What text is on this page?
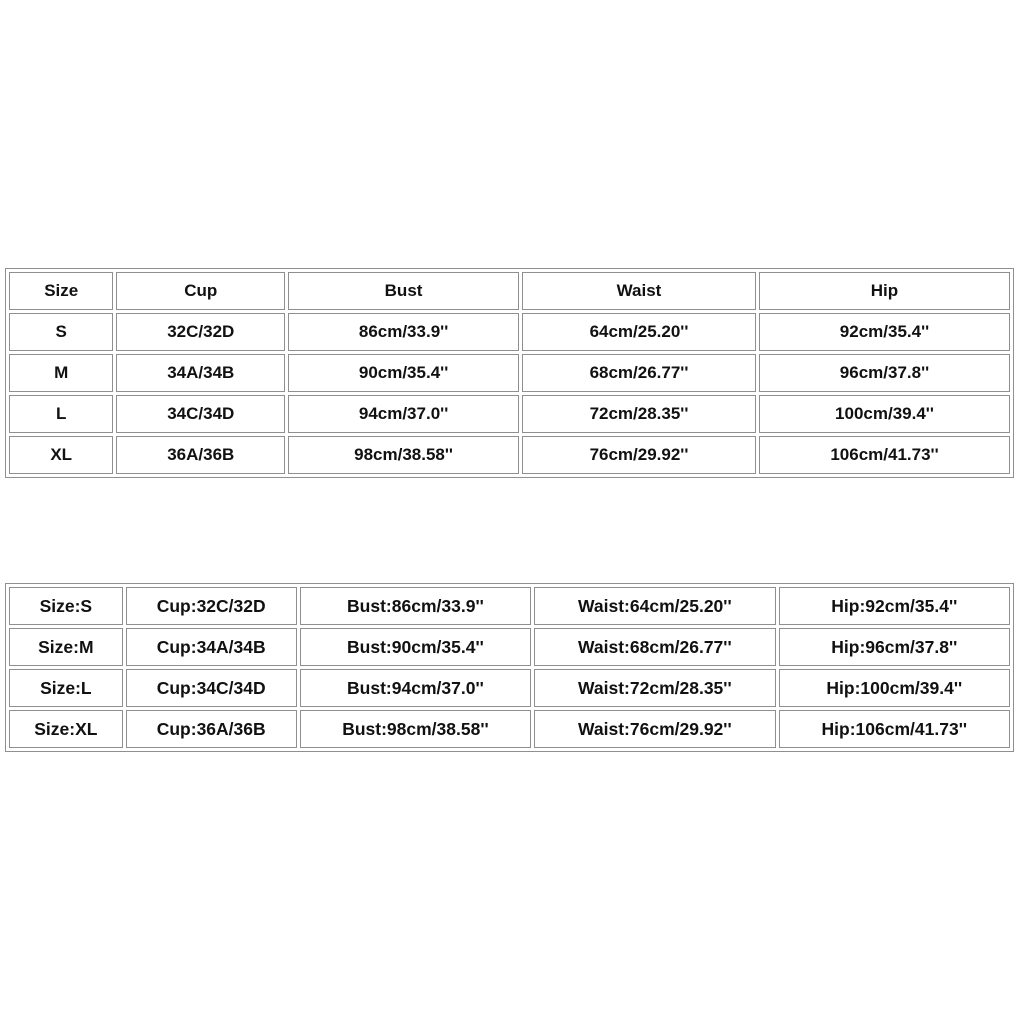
Size	Cup	Bust	Waist	Hip
S	32C/32D	86cm/33.9''	64cm/25.20''	92cm/35.4''
M	34A/34B	90cm/35.4''	68cm/26.77''	96cm/37.8''
L	34C/34D	94cm/37.0''	72cm/28.35''	100cm/39.4''
XL	36A/36B	98cm/38.58''	76cm/29.92''	106cm/41.73''
Size:S	Cup:32C/32D	Bust:86cm/33.9''	Waist:64cm/25.20''	Hip:92cm/35.4''
Size:M	Cup:34A/34B	Bust:90cm/35.4''	Waist:68cm/26.77''	Hip:96cm/37.8''
Size:L	Cup:34C/34D	Bust:94cm/37.0''	Waist:72cm/28.35''	Hip:100cm/39.4''
Size:XL	Cup:36A/36B	Bust:98cm/38.58''	Waist:76cm/29.92''	Hip:106cm/41.73''
